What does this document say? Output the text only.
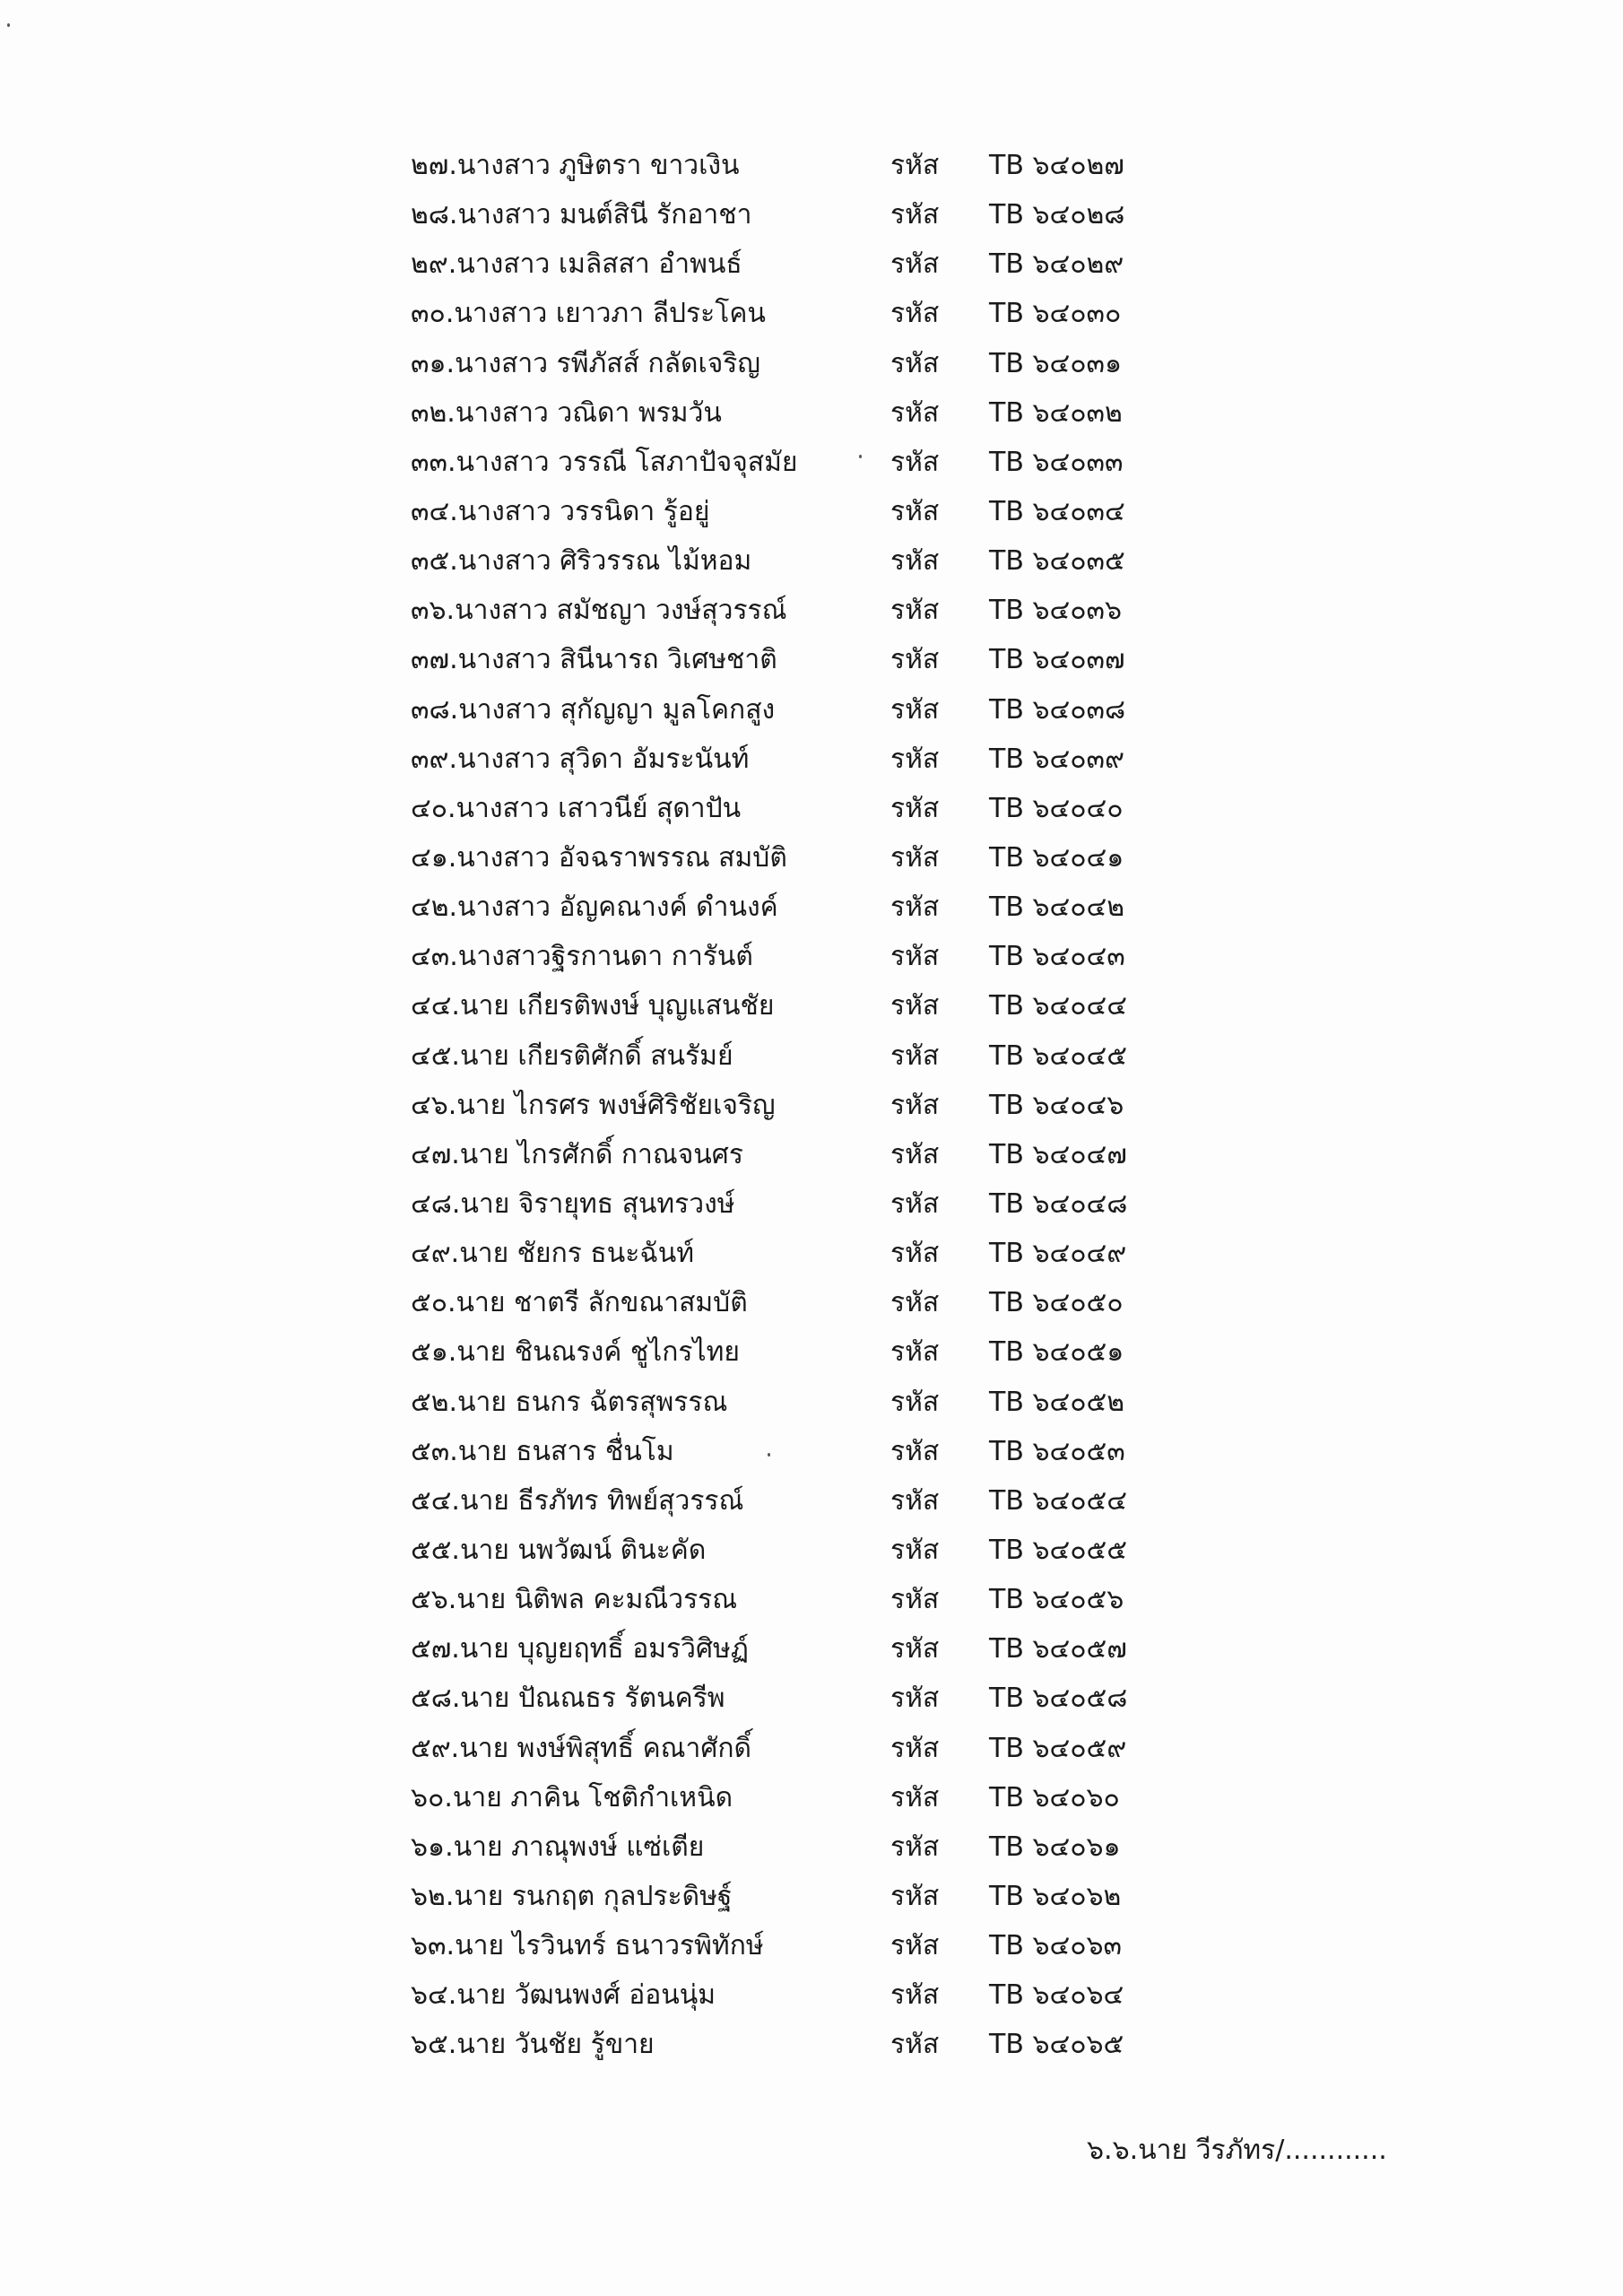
๒๗.นางสาว ภูษิตรา ขาวเงิน	รหัส TB ๖๔๐๒๗
๒๘.นางสาว มนต์สินี รักอาชา	รหัส TB ๖๔๐๒๘
๒๙.นางสาว เมลิสสา อำพนธ์	รหัส TB ๖๔๐๒๙
๓๐.นางสาว เยาวภา ลีประโคน	รหัส TB ๖๔๐๓๐
๓๑.นางสาว รพีภัสส์ กลัดเจริญ	รหัส TB ๖๔๐๓๑
๓๒.นางสาว วณิดา พรมวัน	รหัส TB ๖๔๐๓๒
๓๓.นางสาว วรรณี โสภาปัจจุสมัย	รหัส TB ๖๔๐๓๓
๓๔.นางสาว วรรนิดา รู้อยู่	รหัส TB ๖๔๐๓๔
๓๕.นางสาว ศิริวรรณ ไม้หอม	รหัส TB ๖๔๐๓๕
๓๖.นางสาว สมัชญา วงษ์สุวรรณ์	รหัส TB ๖๔๐๓๖
๓๗.นางสาว สินีนารถ วิเศษชาติ	รหัส TB ๖๔๐๓๗
๓๘.นางสาว สุกัญญา มูลโคกสูง	รหัส TB ๖๔๐๓๘
๓๙.นางสาว สุวิดา อัมระนันท์	รหัส TB ๖๔๐๓๙
๔๐.นางสาว เสาวนีย์ สุดาปัน	รหัส TB ๖๔๐๔๐
๔๑.นางสาว อัจฉราพรรณ สมบัติ	รหัส TB ๖๔๐๔๑
๔๒.นางสาว อัญคณางค์ ดำนงค์	รหัส TB ๖๔๐๔๒
๔๓.นางสาวฐิรกานดา การันต์	รหัส TB ๖๔๐๔๓
๔๔.นาย เกียรติพงษ์ บุญแสนชัย	รหัส TB ๖๔๐๔๔
๔๕.นาย เกียรติศักดิ์ สนรัมย์	รหัส TB ๖๔๐๔๕
๔๖.นาย ไกรศร พงษ์ศิริชัยเจริญ	รหัส TB ๖๔๐๔๖
๔๗.นาย ไกรศักดิ์ กาณจนศร	รหัส TB ๖๔๐๔๗
๔๘.นาย จิรายุทธ สุนทรวงษ์	รหัส TB ๖๔๐๔๘
๔๙.นาย ชัยกร ธนะฉันท์	รหัส TB ๖๔๐๔๙
๕๐.นาย ชาตรี ลักขณาสมบัติ	รหัส TB ๖๔๐๕๐
๕๑.นาย ชินณรงค์ ชูไกรไทย	รหัส TB ๖๔๐๕๑
๕๒.นาย ธนกร ฉัตรสุพรรณ	รหัส TB ๖๔๐๕๒
๕๓.นาย ธนสาร ชื่นโม	รหัส TB ๖๔๐๕๓
๕๔.นาย ธีรภัทร ทิพย์สุวรรณ์	รหัส TB ๖๔๐๕๔
๕๕.นาย นพวัฒน์ ตินะคัด	รหัส TB ๖๔๐๕๕
๕๖.นาย นิติพล คะมณีวรรณ	รหัส TB ๖๔๐๕๖
๕๗.นาย บุญยฤทธิ์ อมรวิศิษฏ์	รหัส TB ๖๔๐๕๗
๕๘.นาย ปัณณธร รัตนครีพ	รหัส TB ๖๔๐๕๘
๕๙.นาย พงษ์พิสุทธิ์ คณาศักดิ์	รหัส TB ๖๔๐๕๙
๖๐.นาย ภาคิน โชติกำเหนิด	รหัส TB ๖๔๐๖๐
๖๑.นาย ภาณุพงษ์ แซ่เตีย	รหัส TB ๖๔๐๖๑
๖๒.นาย รนกฤต กุลประดิษฐ์	รหัส TB ๖๔๐๖๒
๖๓.นาย ไรวินทร์ ธนาวรพิทักษ์	รหัส TB ๖๔๐๖๓
๖๔.นาย วัฒนพงศ์ อ่อนนุ่ม	รหัส TB ๖๔๐๖๔
๖๕.นาย วันชัย รู้ขาย	รหัส TB ๖๔๐๖๕
๖.๖.นาย วีรภัทร/............
